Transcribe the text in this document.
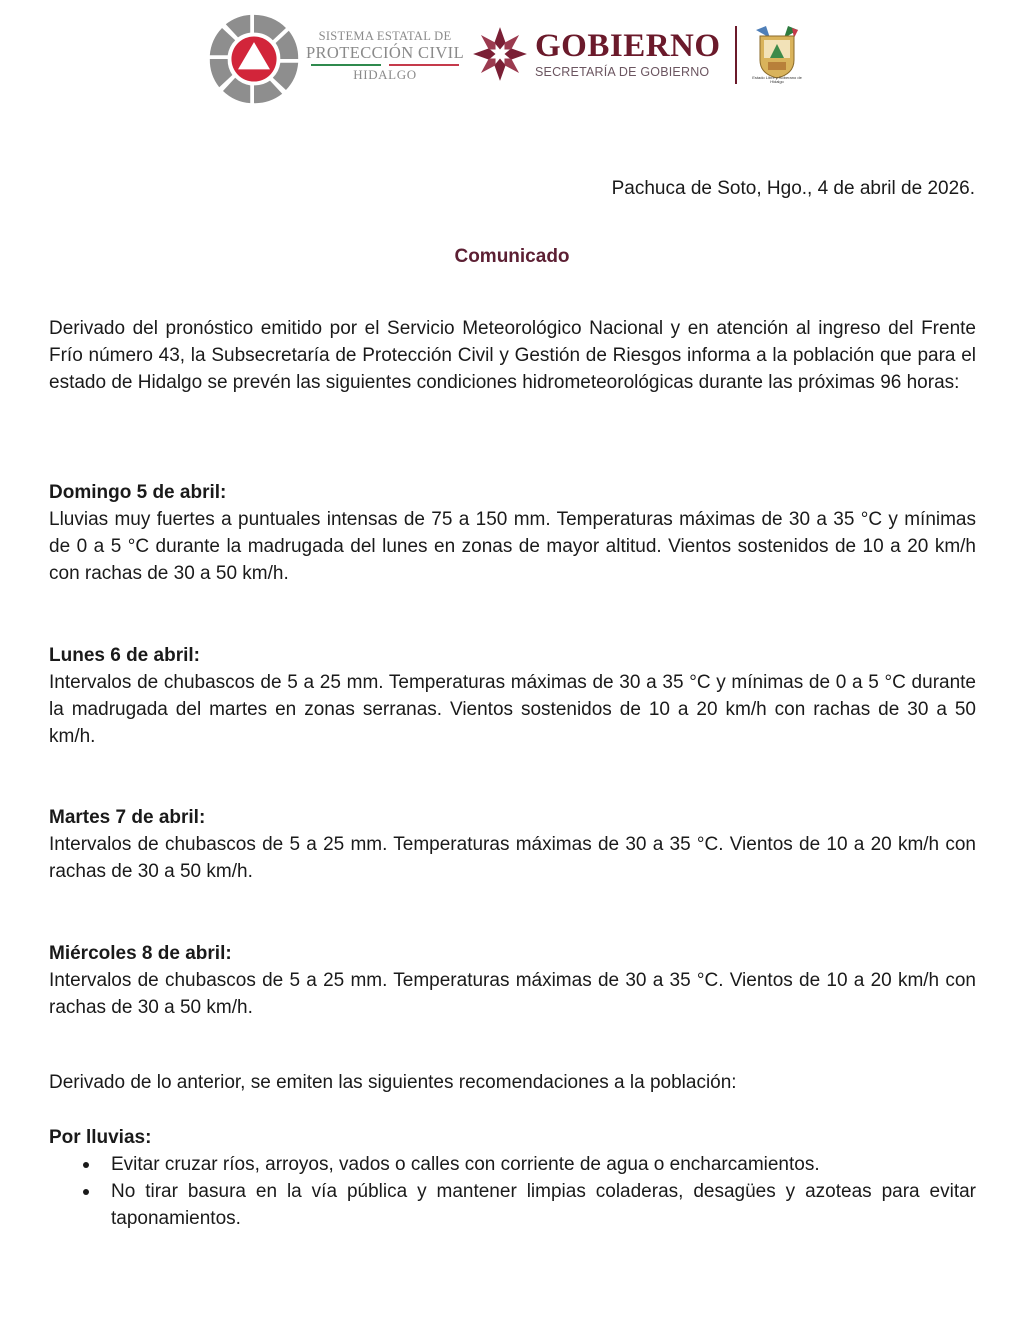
SISTEMA ESTATAL DE
PROTECCIÓN CIVIL
HIDALGO
GOBIERNO
SECRETARÍA DE GOBIERNO	Estado Libre y Soberano de Hidalgo
Pachuca de Soto, Hgo., 4 de abril de 2026.
Comunicado

Derivado del pronóstico emitido por el Servicio Meteorológico Nacional y en atención al ingreso del Frente Frío número 43, la Subsecretaría de Protección Civil y Gestión de Riesgos informa a la población que para el estado de Hidalgo se prevén las siguientes condiciones hidrometeorológicas durante las próximas 96 horas:

Domingo 5 de abril:
Lluvias muy fuertes a puntuales intensas de 75 a 150 mm. Temperaturas máximas de 30 a 35 °C y mínimas de 0 a 5 °C durante la madrugada del lunes en zonas de mayor altitud. Vientos sostenidos de 10 a 20 km/h con rachas de 30 a 50 km/h.
Lunes 6 de abril:
Intervalos de chubascos de 5 a 25 mm. Temperaturas máximas de 30 a 35 °C y mínimas de 0 a 5 °C durante la madrugada del martes en zonas serranas. Vientos sostenidos de 10 a 20 km/h con rachas de 30 a 50 km/h.
Martes 7 de abril:
Intervalos de chubascos de 5 a 25 mm. Temperaturas máximas de 30 a 35 °C. Vientos de 10 a 20 km/h con rachas de 30 a 50 km/h.
Miércoles 8 de abril:
Intervalos de chubascos de 5 a 25 mm. Temperaturas máximas de 30 a 35 °C. Vientos de 10 a 20 km/h con rachas de 30 a 50 km/h.

Derivado de lo anterior, se emiten las siguientes recomendaciones a la población:

Por lluvias:

Evitar cruzar ríos, arroyos, vados o calles con corriente de agua o encharcamientos.
No tirar basura en la vía pública y mantener limpias coladeras, desagües y azoteas para evitar taponamientos.
